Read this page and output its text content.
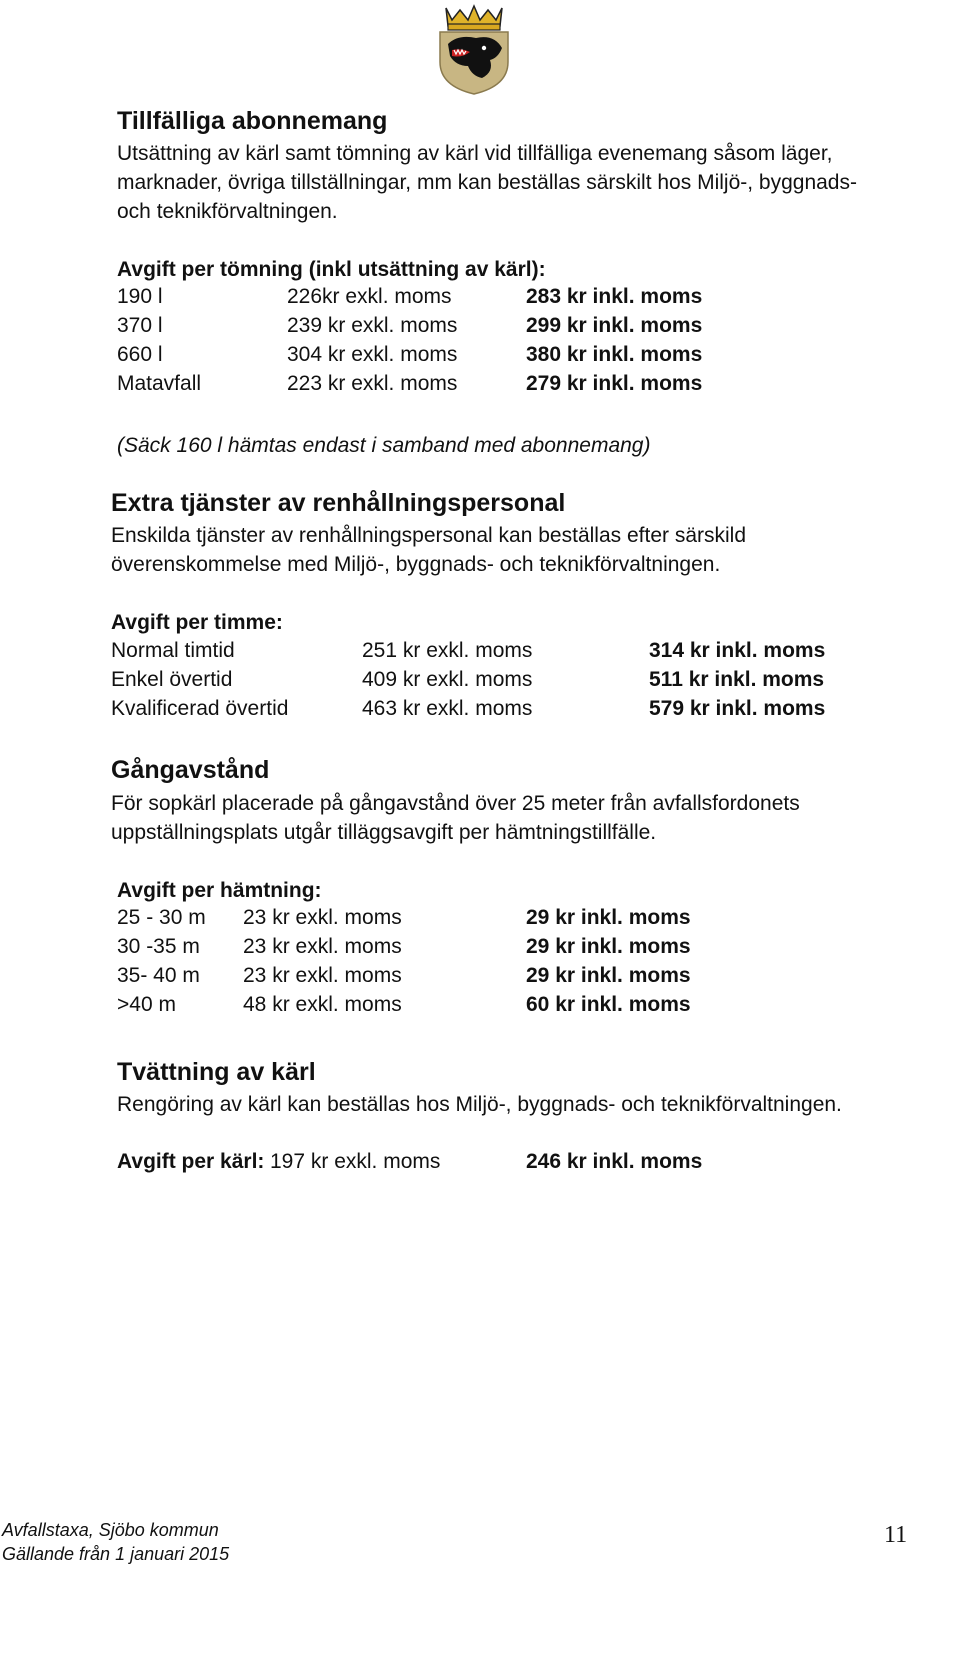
Tillfälliga abonnemang
Utsättning av kärl samt tömning av kärl vid tillfälliga evenemang såsom läger,
marknader, övriga tillställningar, mm kan beställas särskilt hos Miljö-, byggnads-
och teknikförvaltningen.
Avgift per tömning (inkl utsättning av kärl):
190 l	226kr exkl. moms	283 kr inkl. moms
370 l	239 kr exkl. moms	299 kr inkl. moms
660 l	304 kr exkl. moms	380 kr inkl. moms
Matavfall	223 kr exkl. moms	279 kr inkl. moms
(Säck 160 l hämtas endast i samband med abonnemang)
Extra tjänster av renhållningspersonal
Enskilda tjänster av renhållningspersonal kan beställas efter särskild
överenskommelse med Miljö-, byggnads- och teknikförvaltningen.
Avgift per timme:
Normal timtid	251 kr exkl. moms	314 kr inkl. moms
Enkel övertid	409 kr exkl. moms	511 kr inkl. moms
Kvalificerad övertid	463 kr exkl. moms	579 kr inkl. moms
Gångavstånd
För sopkärl placerade på gångavstånd över 25 meter från avfallsfordonets
uppställningsplats utgår tilläggsavgift per hämtningstillfälle.
Avgift per hämtning:
25 - 30 m 23 kr exkl. moms	29 kr inkl. moms
30 -35 m 23 kr exkl. moms	29 kr inkl. moms
35- 40 m 23 kr exkl. moms	29 kr inkl. moms
>40 m	48 kr exkl. moms	60 kr inkl. moms
Tvättning av kärl
Rengöring av kärl kan beställas hos Miljö-, byggnads- och teknikförvaltningen.
Avgift per kärl: 197 kr exkl. moms	246 kr inkl. moms
Avfallstaxa, Sjöbo kommun
Gällande från 1 januari 2015
11
